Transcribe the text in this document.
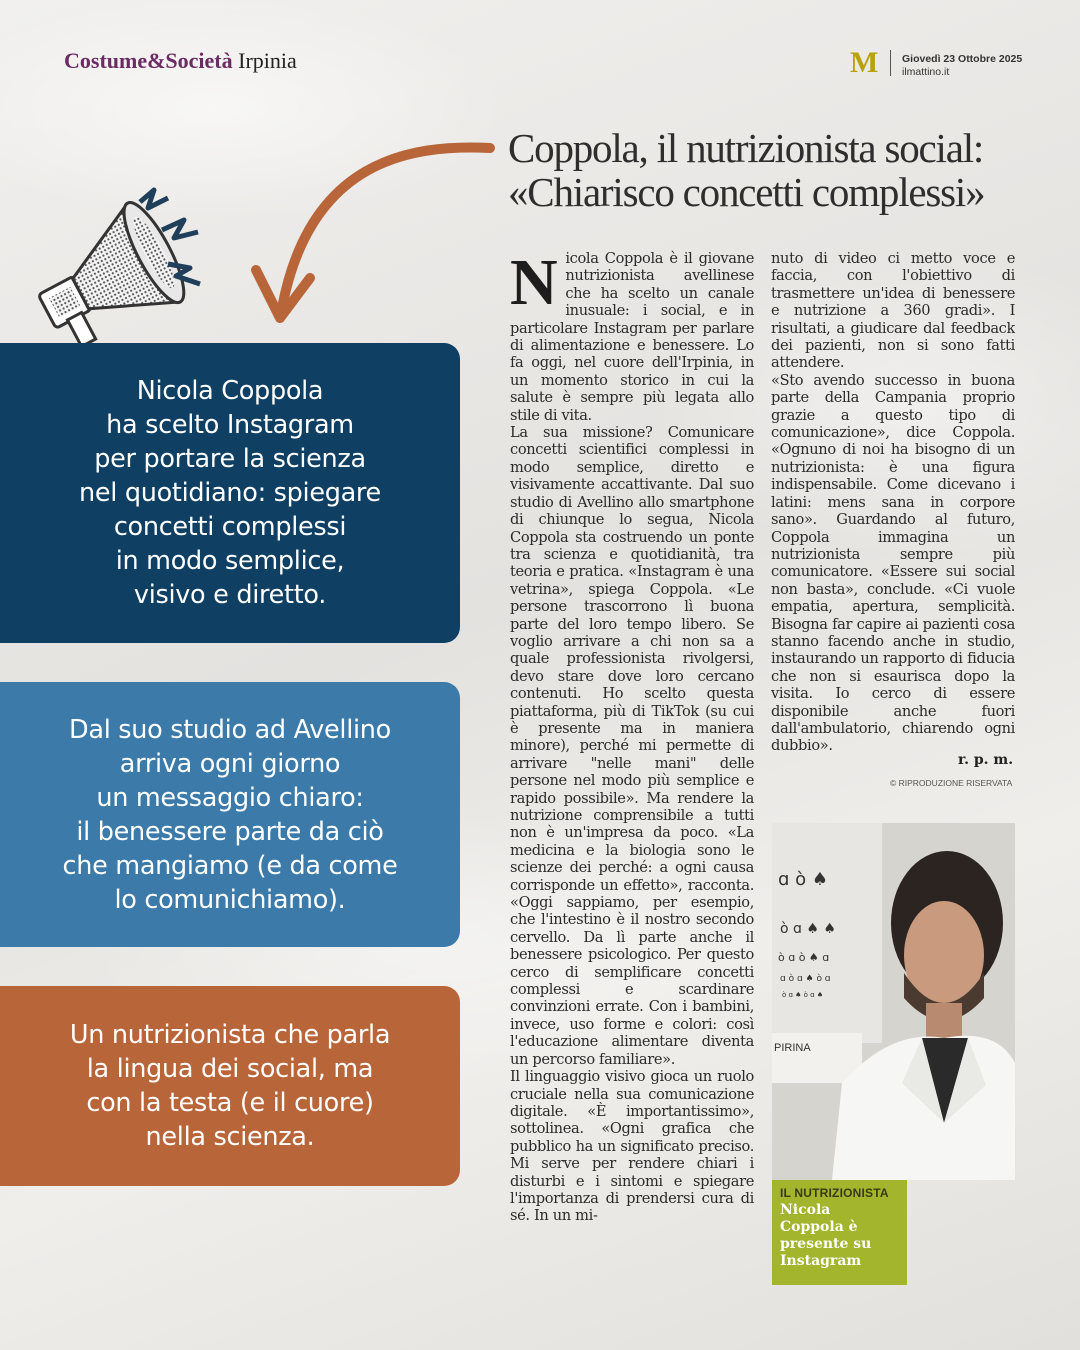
Costume&Società Irpinia	M	Giovedì 23 Ottobre 2025
ilmattino.it
Coppola, il nutrizionista social:
«Chiarisco concetti complessi»
N icola Coppola è il giovane nutrizionista avellinese che ha scelto un canale inusuale: i social, e in particolare Instagram per parlare di alimentazione e benessere. Lo fa oggi, nel cuore dell'Irpinia, in un momento storico in cui la salute è sempre più legata allo stile di vita.

La sua missione? Comunicare concetti scientifici complessi in modo semplice, diretto e visivamente accattivante. Dal suo studio di Avellino allo smartphone di chiunque lo segua, Nicola Coppola sta costruendo un ponte tra scienza e quotidianità, tra teoria e pratica. «Instagram è una vetrina», spiega Coppola. «Le persone trascorrono lì buona parte del loro tempo libero. Se voglio arrivare a chi non sa a quale professionista rivolgersi, devo stare dove loro cercano contenuti. Ho scelto questa piattaforma, più di TikTok (su cui è presente ma in maniera minore), perché mi permette di arrivare "nelle mani" delle persone nel modo più semplice e rapido possibile». Ma rendere la nutrizione comprensibile a tutti non è un'impresa da poco. «La medicina e la biologia sono le scienze dei perché: a ogni causa corrisponde un effetto», racconta. «Oggi sappiamo, per esempio, che l'intestino è il nostro secondo cervello. Da lì parte anche il benessere psicologico. Per questo cerco di semplificare concetti complessi e scardinare convinzioni errate. Con i bambini, invece, uso forme e colori: così l'educazione alimentare diventa un percorso familiare».

Il linguaggio visivo gioca un ruolo cruciale nella sua comunicazione digitale. «È importantissimo», sottolinea. «Ogni grafica che pubblico ha un significato preciso. Mi serve per rendere chiari i disturbi e i sintomi e spiegare l'importanza di prendersi cura di sé. In un mi-

nuto di video ci metto voce e faccia, con l'obiettivo di trasmettere un'idea di benessere e nutrizione a 360 gradi». I risultati, a giudicare dal feedback dei pazienti, non si sono fatti attendere.

«Sto avendo successo in buona parte della Campania proprio grazie a questo tipo di comunicazione», dice Coppola. «Ognuno di noi ha bisogno di un nutrizionista: è una figura indispensabile. Come dicevano i latini: mens sana in corpore sano». Guardando al futuro, Coppola immagina un nutrizionista sempre più comunicatore. «Essere sui social non basta», conclude. «Ci vuole empatia, apertura, semplicità. Bisogna far capire ai pazienti cosa stanno facendo anche in studio, instaurando un rapporto di fiducia che non si esaurisca dopo la visita. Io cerco di essere disponibile anche fuori dall'ambulatorio, chiarendo ogni dubbio».

r. p. m.
© RIPRODUZIONE RISERVATA
ɑ ò ♠
ò ɑ ♠ ♠
ò ɑ ò ♠ ɑ
ɑ ò ɑ ♠ ò ɑ
ò ɑ ♠ ò ɑ ♠
PIRINA
IL NUTRIZIONISTA
Nicola Coppola è presente su Instagram
Nicola Coppola
ha scelto Instagram
per portare la scienza
nel quotidiano: spiegare
concetti complessi
in modo semplice,
visivo e diretto.
Dal suo studio ad Avellino
arriva ogni giorno
un messaggio chiaro:
il benessere parte da ciò
che mangiamo (e da come
lo comunichiamo).
Un nutrizionista che parla
la lingua dei social, ma
con la testa (e il cuore)
nella scienza.
